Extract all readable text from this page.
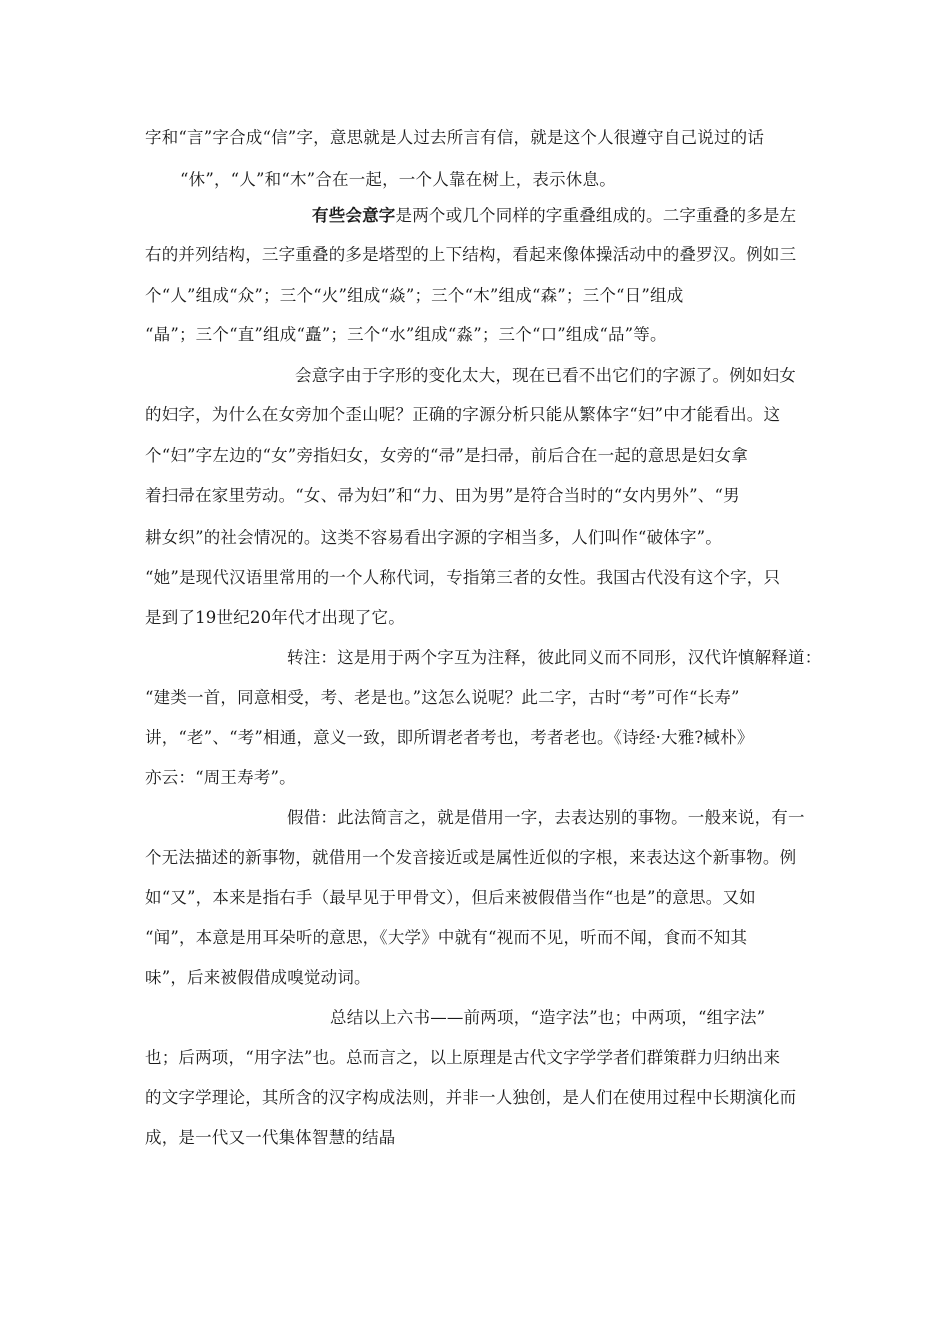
字和“言”字合成“信”字，意思就是人过去所言有信，就是这个人很遵守自己说过的话
“休”，“人”和“木”合在一起，一个人靠在树上，表示休息。
有些会意字是两个或几个同样的字重叠组成的。二字重叠的多是左
右的并列结构，三字重叠的多是塔型的上下结构，看起来像体操活动中的叠罗汉。例如三
个“人”组成“众”；三个“火”组成“焱”；三个“木”组成“森”；三个“日”组成
“晶”；三个“直”组成“矗”；三个“水”组成“淼”；三个“口”组成“品”等。
会意字由于字形的变化太大，现在已看不出它们的字源了。例如妇女
的妇字，为什么在女旁加个歪山呢？正确的字源分析只能从繁体字“妇”中才能看出。这
个“妇”字左边的“女”旁指妇女，女旁的“帚”是扫帚，前后合在一起的意思是妇女拿
着扫帚在家里劳动。“女、帚为妇”和“力、田为男”是符合当时的“女内男外”、“男
耕女织”的社会情况的。这类不容易看出字源的字相当多，人们叫作“破体字”。
“她”是现代汉语里常用的一个人称代词，专指第三者的女性。我国古代没有这个字，只
是到了19世纪20年代才出现了它。
转注：这是用于两个字互为注释，彼此同义而不同形，汉代许慎解释道：
“建类一首，同意相受，考、老是也。”这怎么说呢？此二字，古时“考”可作“长寿”
讲，“老”、“考”相通，意义一致，即所谓老者考也，考者老也。《诗经·大雅?棫朴》
亦云：“周王寿考”。
假借：此法简言之，就是借用一字，去表达别的事物。一般来说，有一
个无法描述的新事物，就借用一个发音接近或是属性近似的字根，来表达这个新事物。例
如“又”，本来是指右手（最早见于甲骨文），但后来被假借当作“也是”的意思。又如
“闻”，本意是用耳朵听的意思，《大学》中就有“视而不见，听而不闻，食而不知其
味”，后来被假借成嗅觉动词。
总结以上六书——前两项，“造字法”也；中两项，“组字法”
也；后两项，“用字法”也。总而言之，以上原理是古代文字学学者们群策群力归纳出来
的文字学理论，其所含的汉字构成法则，并非一人独创，是人们在使用过程中长期演化而
成，是一代又一代集体智慧的结晶
